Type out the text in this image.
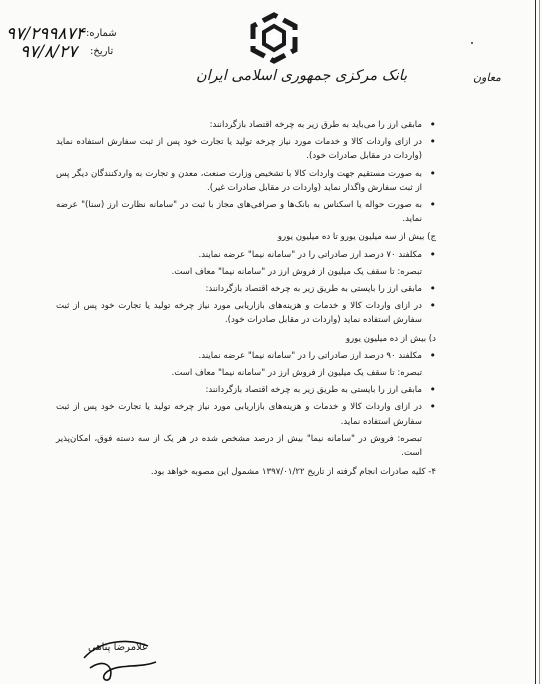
شماره:
۹۷/۲۹۹۸۷۴
تاریخ:
۹۷/۸/۲۷
بانک مرکزی جمهوری اسلامی ایران	معاون
• مابقی ارز را می‌باید به طرق زیر به چرخه اقتصاد بازگردانند:
• در ازای واردات کالا و خدمات مورد نیاز چرخه تولید یا تجارت خود پس از ثبت سفارش استفاده نماید (واردات در مقابل صادرات خود).
• به صورت مستقیم جهت واردات کالا با تشخیص وزارت صنعت، معدن و تجارت به واردکنندگان دیگر پس از ثبت سفارش واگذار نماید (واردات در مقابل صادرات غیر).
• به صورت حواله یا اسکناس به بانک‌ها و صرافی‌های مجاز با ثبت در "سامانه نظارت ارز (سنا)" عرضه نماید.
ج) بیش از سه میلیون یورو تا ده میلیون یورو
• مکلفند ۷۰ درصد ارز صادراتی را در "سامانه نیما" عرضه نمایند.
تبصره: تا سقف یک میلیون از فروش ارز در "سامانه نیما" معاف است.
• مابقی ارز را بایستی به طریق زیر به چرخه اقتصاد بازگردانند:
• در ازای واردات کالا و خدمات و هزینه‌های بازاریابی مورد نیاز چرخه تولید یا تجارت خود پس از ثبت سفارش استفاده نماید (واردات در مقابل صادرات خود).
د) بیش از ده میلیون یورو
• مکلفند ۹۰ درصد ارز صادراتی را در "سامانه نیما" عرضه نمایند.
تبصره: تا سقف یک میلیون از فروش ارز در "سامانه نیما" معاف است.
• مابقی ارز را بایستی به طریق زیر به چرخه اقتصاد بازگردانند:
• در ازای واردات کالا و خدمات و هزینه‌های بازاریابی مورد نیاز چرخه تولید یا تجارت خود پس از ثبت سفارش استفاده نماید.
تبصره: فروش در "سامانه نیما" بیش از درصد مشخص شده در هر یک از سه دسته فوق، امکان‌پذیر است.
۴- کلیه صادرات انجام گرفته از تاریخ ۱۳۹۷/۰۱/۲۲ مشمول این مصوبه خواهد بود.
غلامرضا پناهی
